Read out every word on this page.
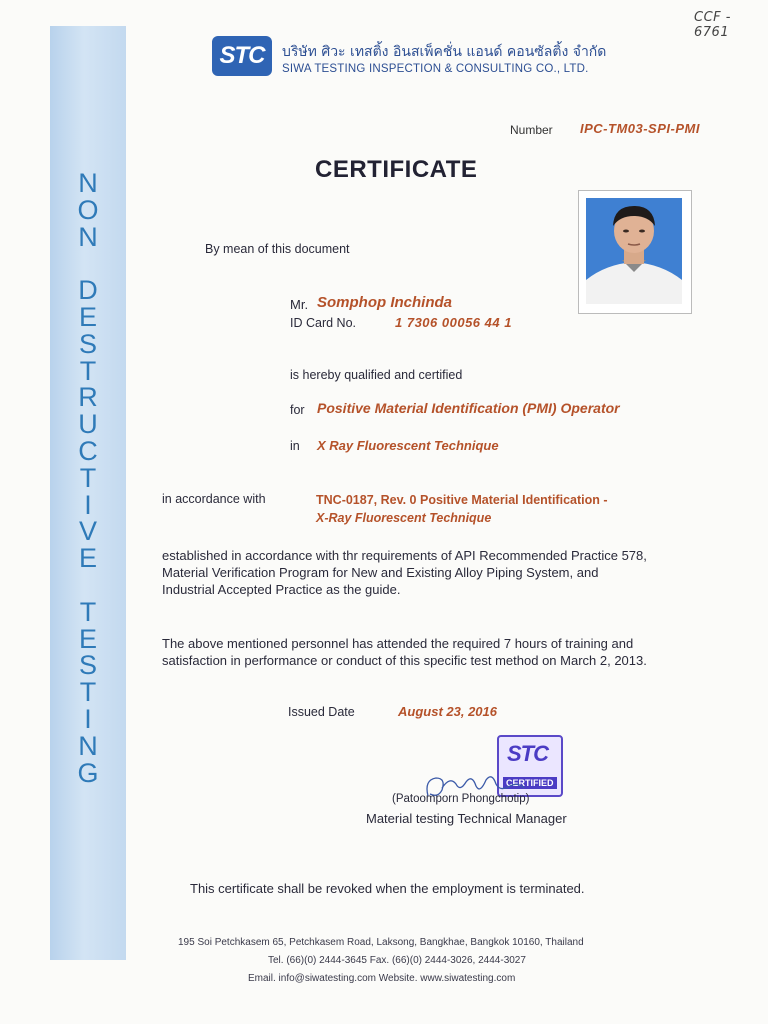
CCF - 6761
N
O
N
D
E
S
T
R
U
C
T
I
V
E
T
E
S
T
I
N
G
STC	บริษัท ศิวะ เทสติ้ง อินสเพ็คชั่น แอนด์ คอนซัลติ้ง จำกัด
SIWA TESTING INSPECTION & CONSULTING CO., LTD.
Number IPC-TM03-SPI-PMI
CERTIFICATE
By mean of this document
Mr. Somphop Inchinda
ID Card No.	1 7306 00056 44 1
is hereby qualified and certified
for Positive Material Identification (PMI) Operator
in X Ray Fluorescent Technique
in accordance with	TNC-0187, Rev. 0 Positive Material Identification -
X-Ray Fluorescent Technique
established in accordance with thr requirements of API Recommended Practice 578,
Material Verification Program for New and Existing Alloy Piping System, and
Industrial Accepted Practice as the guide.
The above mentioned personnel has attended the required 7 hours of training and
satisfaction in performance or conduct of this specific test method on March 2, 2013.
Issued Date	August 23, 2016
STC
CERTIFIED
(Patoomporn Phongchotip)
Material testing Technical Manager
This certificate shall be revoked when the employment is terminated.
195 Soi Petchkasem 65, Petchkasem Road, Laksong, Bangkhae, Bangkok 10160, Thailand
Tel. (66)(0) 2444-3645 Fax. (66)(0) 2444-3026, 2444-3027
Email. info@siwatesting.com Website. www.siwatesting.com
